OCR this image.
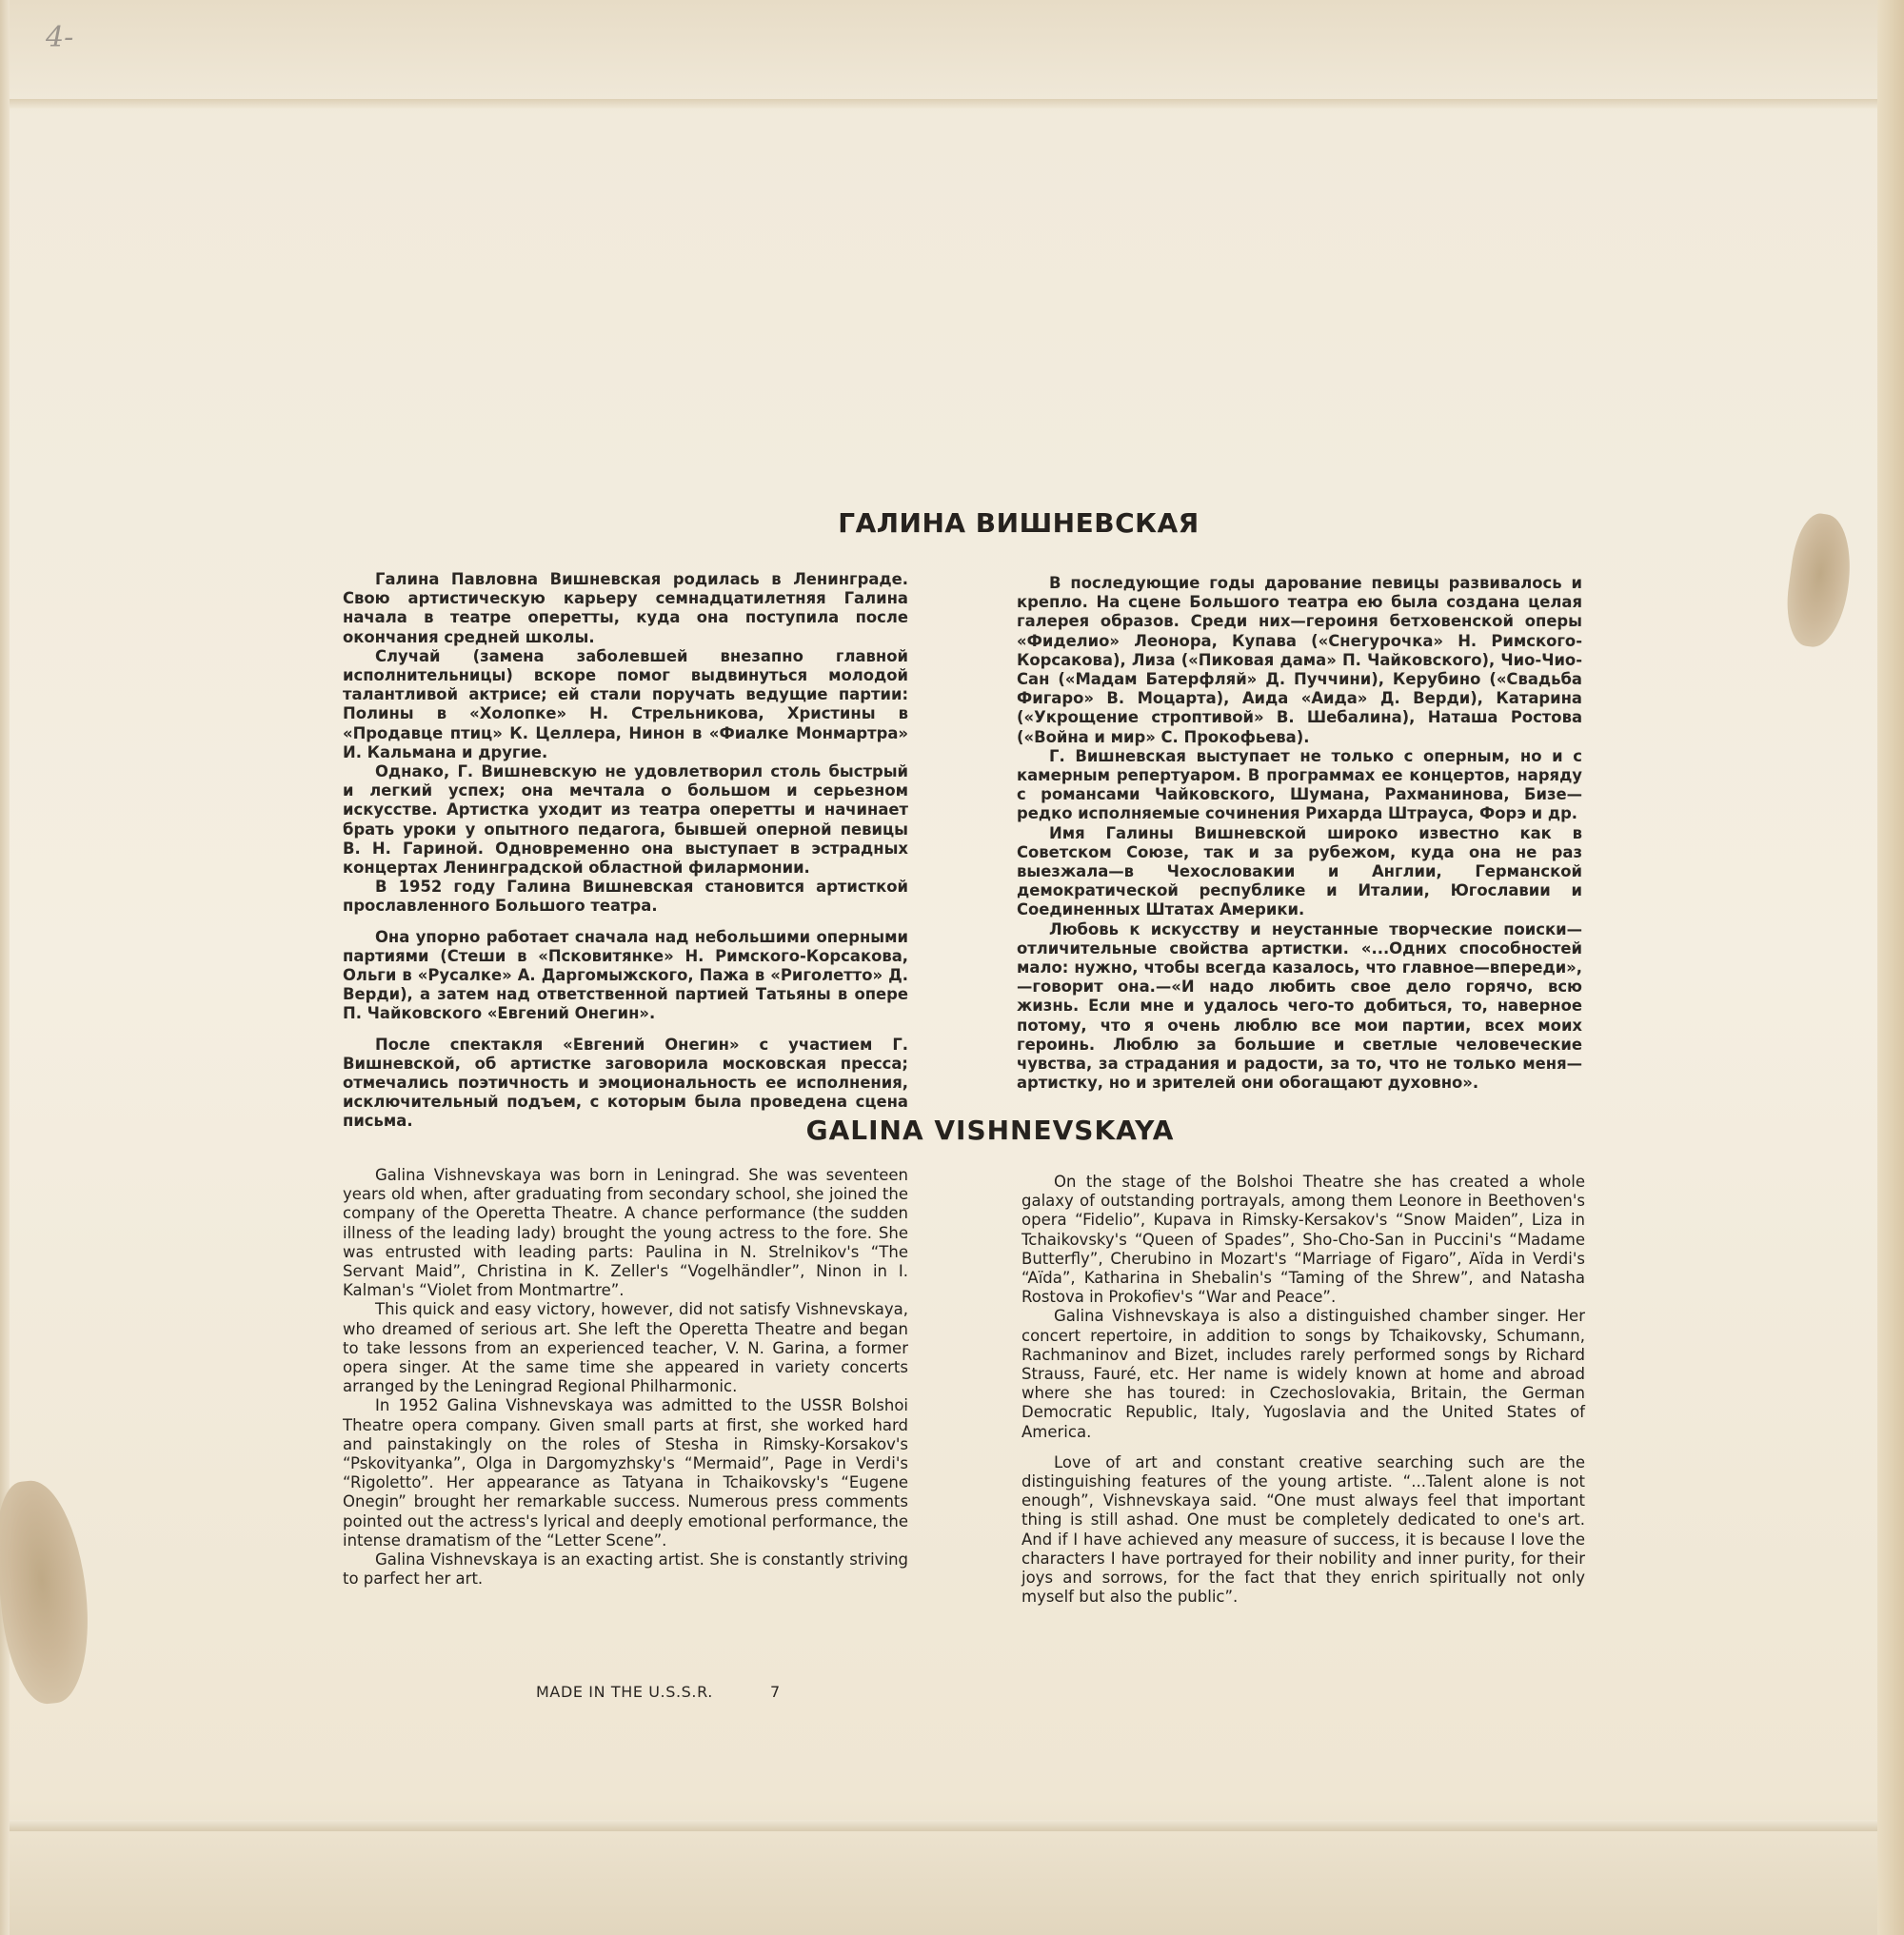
4-
ГАЛИНА ВИШНЕВСКАЯ

Галина Павловна Вишневская родилась в Ленинграде. Свою артистическую карьеру семнадцатилетняя Галина начала в театре оперетты, куда она поступила после окончания средней школы.

Случай (замена заболевшей внезапно главной исполнительницы) вскоре помог выдвинуться молодой талантливой актрисе; ей стали поручать ведущие партии: Полины в «Холопке» Н. Стрельникова, Христины в «Продавце птиц» К. Целлера, Нинон в «Фиалке Монмартра» И. Кальмана и другие.

Однако, Г. Вишневскую не удовлетворил столь быстрый и легкий успех; она мечтала о большом и серьезном искусстве. Артистка уходит из театра оперетты и начинает брать уроки у опытного педагога, бывшей оперной певицы В. Н. Гариной. Одновременно она выступает в эстрадных концертах Ленинградской областной филармонии.

В 1952 году Галина Вишневская становится артисткой прославленного Большого театра.

Она упорно работает сначала над небольшими оперными партиями (Стеши в «Псковитянке» Н. Римского-Корсакова, Ольги в «Русалке» А. Даргомыжского, Пажа в «Риголетто» Д. Верди), а затем над ответственной партией Татьяны в опере П. Чайковского «Евгений Онегин».

После спектакля «Евгений Онегин» с участием Г. Вишневской, об артистке заговорила московская пресса; отмечались поэтичность и эмоциональность ее исполнения, исключительный подъем, с которым была проведена сцена письма.

В последующие годы дарование певицы развивалось и крепло. На сцене Большого театра ею была создана целая галерея образов. Среди них—героиня бетховенской оперы «Фиделио» Леонора, Купава («Снегурочка» Н. Римского-Корсакова), Лиза («Пиковая дама» П. Чайковского), Чио-Чио-Сан («Мадам Батерфляй» Д. Пуччини), Керубино («Свадьба Фигаро» В. Моцарта), Аида «Аида» Д. Верди), Катарина («Укрощение строптивой» В. Шебалина), Наташа Ростова («Война и мир» С. Прокофьева).

Г. Вишневская выступает не только с оперным, но и с камерным репертуаром. В программах ее концертов, наряду с романсами Чайковского, Шумана, Рахманинова, Бизе—редко исполняемые сочинения Рихарда Штрауса, Форэ и др.

Имя Галины Вишневской широко известно как в Советском Союзе, так и за рубежом, куда она не раз выезжала—в Чехословакии и Англии, Германской демократической республике и Италии, Югославии и Соединенных Штатах Америки.

Любовь к искусству и неустанные творческие поиски—отличительные свойства артистки. «...Одних способностей мало: нужно, чтобы всегда казалось, что главное—впереди»,—говорит она.—«И надо любить свое дело горячо, всю жизнь. Если мне и удалось чего-то добиться, то, наверное потому, что я очень люблю все мои партии, всех моих героинь. Люблю за большие и светлые человеческие чувства, за страдания и радости, за то, что не только меня—артистку, но и зрителей они обогащают духовно».

GALINA VISHNEVSKAYA

Galina Vishnevskaya was born in Leningrad. She was seventeen years old when, after graduating from secondary school, she joined the company of the Operetta Theatre. A chance performance (the sudden illness of the leading lady) brought the young actress to the fore. She was entrusted with leading parts: Paulina in N. Strelnikov's “The Servant Maid”, Christina in K. Zeller's “Vogelhändler”, Ninon in I. Kalman's “Violet from Montmartre”.

This quick and easy victory, however, did not satisfy Vishnevskaya, who dreamed of serious art. She left the Operetta Theatre and began to take lessons from an experienced teacher, V. N. Garina, a former opera singer. At the same time she appeared in variety concerts arranged by the Leningrad Regional Philharmonic.

In 1952 Galina Vishnevskaya was admitted to the USSR Bolshoi Theatre opera company. Given small parts at first, she worked hard and painstakingly on the roles of Stesha in Rimsky-Korsakov's “Pskovityanka”, Olga in Dargomyzhsky's “Mermaid”, Page in Verdi's “Rigoletto”. Her appearance as Tatyana in Tchaikovsky's “Eugene Onegin” brought her remarkable success. Numerous press comments pointed out the actress's lyrical and deeply emotional performance, the intense dramatism of the “Letter Scene”.

Galina Vishnevskaya is an exacting artist. She is constantly striving to parfect her art.

On the stage of the Bolshoi Theatre she has created a whole galaxy of outstanding portrayals, among them Leonore in Beethoven's opera “Fidelio”, Kupava in Rimsky-Kersakov's “Snow Maiden”, Liza in Tchaikovsky's “Queen of Spades”, Sho-Cho-San in Puccini's “Madame Butterfly”, Cherubino in Mozart's “Marriage of Figaro”, Aïda in Verdi's “Aïda”, Katharina in Shebalin's “Taming of the Shrew”, and Natasha Rostova in Prokofiev's “War and Peace”.

Galina Vishnevskaya is also a distinguished chamber singer. Her concert repertoire, in addition to songs by Tchaikovsky, Schumann, Rachmaninov and Bizet, includes rarely performed songs by Richard Strauss, Fauré, etc. Her name is widely known at home and abroad where she has toured: in Czechoslovakia, Britain, the German Democratic Republic, Italy, Yugoslavia and the United States of America.

Love of art and constant creative searching such are the distinguishing features of the young artiste. “...Talent alone is not enough”, Vishnevskaya said. “One must always feel that important thing is still ashad. One must be completely dedicated to one's art. And if I have achieved any measure of success, it is because I love the characters I have portrayed for their nobility and inner purity, for their joys and sorrows, for the fact that they enrich spiritually not only myself but also the public”.

MADE IN THE U.S.S.R.	7
